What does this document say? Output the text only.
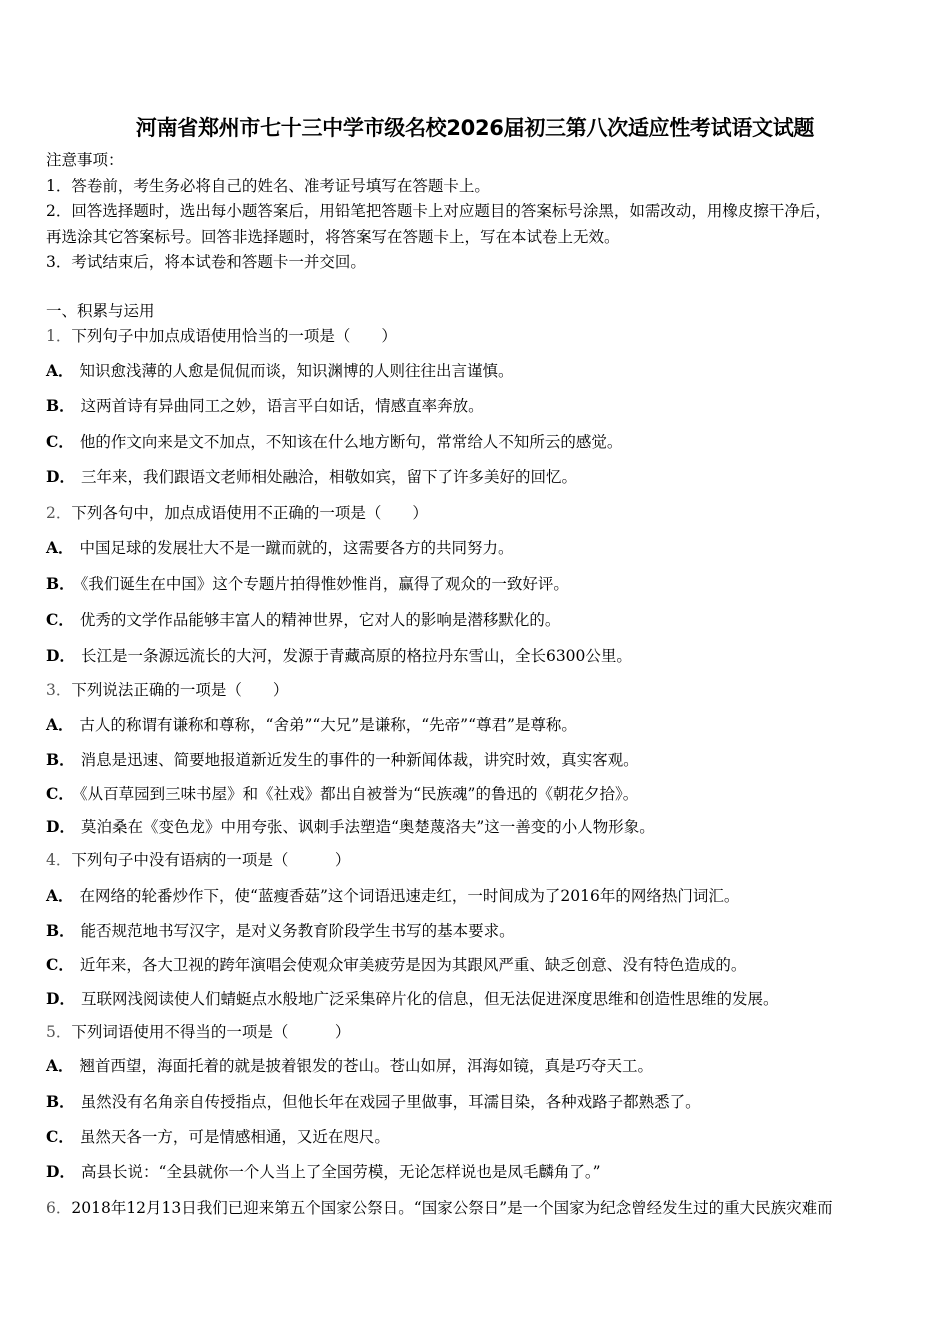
河南省郑州市七十三中学市级名校2026届初三第八次适应性考试语文试题
注意事项：
1．答卷前，考生务必将自己的姓名、准考证号填写在答题卡上。
2．回答选择题时，选出每小题答案后，用铅笔把答题卡上对应题目的答案标号涂黑，如需改动，用橡皮擦干净后，
再选涂其它答案标号。回答非选择题时，将答案写在答题卡上，写在本试卷上无效。
3．考试结束后，将本试卷和答题卡一并交回。
一、积累与运用
1．下列句子中加点成语使用恰当的一项是（　　）
A． 知识愈浅薄的人愈是侃侃而谈，知识渊博的人则往往出言谨慎。
B． 这两首诗有异曲同工之妙，语言平白如话，情感直率奔放。
C． 他的作文向来是文不加点，不知该在什么地方断句，常常给人不知所云的感觉。
D． 三年来，我们跟语文老师相处融洽，相敬如宾，留下了许多美好的回忆。
2．下列各句中，加点成语使用不正确的一项是（　　）
A． 中国足球的发展壮大不是一蹴而就的，这需要各方的共同努力。
B． 《我们诞生在中国》这个专题片拍得惟妙惟肖，赢得了观众的一致好评。
C． 优秀的文学作品能够丰富人的精神世界，它对人的影响是潜移默化的。
D． 长江是一条源远流长的大河，发源于青藏高原的格拉丹东雪山，全长6300公里。
3．下列说法正确的一项是（　　）
A． 古人的称谓有谦称和尊称，“舍弟”“大兄”是谦称，“先帝”“尊君”是尊称。
B． 消息是迅速、简要地报道新近发生的事件的一种新闻体裁，讲究时效，真实客观。
C． 《从百草园到三味书屋》和《社戏》都出自被誉为“民族魂”的鲁迅的《朝花夕拾》。
D． 莫泊桑在《变色龙》中用夸张、讽刺手法塑造“奥楚蔑洛夫”这一善变的小人物形象。
4．下列句子中没有语病的一项是（　　　）
A． 在网络的轮番炒作下，使“蓝瘦香菇”这个词语迅速走红，一时间成为了2016年的网络热门词汇。
B． 能否规范地书写汉字，是对义务教育阶段学生书写的基本要求。
C． 近年来，各大卫视的跨年演唱会使观众审美疲劳是因为其跟风严重、缺乏创意、没有特色造成的。
D． 互联网浅阅读使人们蜻蜓点水般地广泛采集碎片化的信息，但无法促进深度思维和创造性思维的发展。
5．下列词语使用不得当的一项是（　　　）
A． 翘首西望，海面托着的就是披着银发的苍山。苍山如屏，洱海如镜，真是巧夺天工。
B． 虽然没有名角亲自传授指点，但他长年在戏园子里做事，耳濡目染，各种戏路子都熟悉了。
C． 虽然天各一方，可是情感相通，又近在咫尺。
D． 高县长说：“全县就你一个人当上了全国劳模，无论怎样说也是凤毛麟角了。”
6．2018年12月13日我们已迎来第五个国家公祭日。“国家公祭日”是一个国家为纪念曾经发生过的重大民族灾难而
